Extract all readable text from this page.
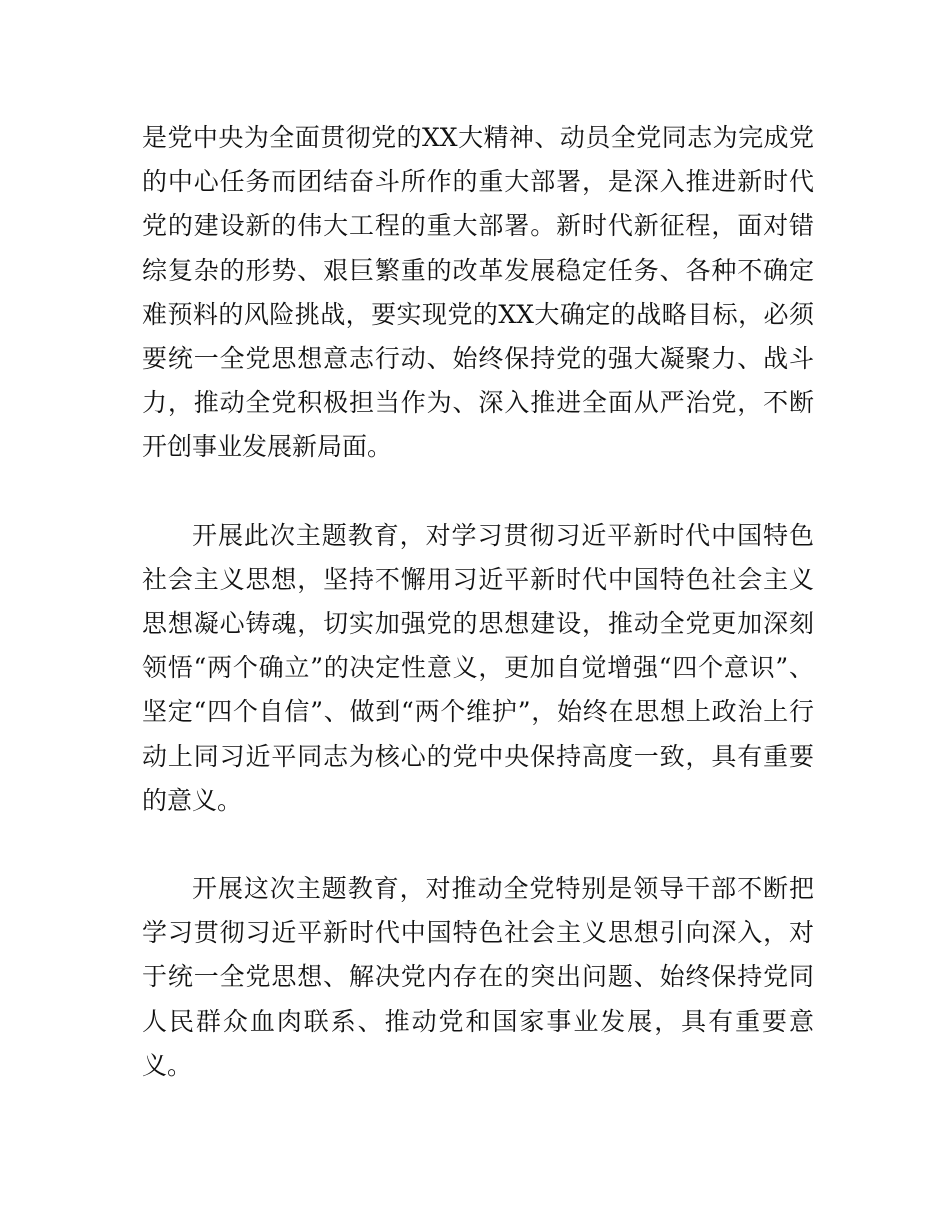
是党中央为全面贯彻党的XX大精神、动员全党同志为完成党的中心任务而团结奋斗所作的重大部署，是深入推进新时代党的建设新的伟大工程的重大部署。新时代新征程，面对错综复杂的形势、艰巨繁重的改革发展稳定任务、各种不确定难预料的风险挑战，要实现党的XX大确定的战略目标，必须要统一全党思想意志行动、始终保持党的强大凝聚力、战斗力，推动全党积极担当作为、深入推进全面从严治党，不断开创事业发展新局面。

开展此次主题教育，对学习贯彻习近平新时代中国特色社会主义思想，坚持不懈用习近平新时代中国特色社会主义思想凝心铸魂，切实加强党的思想建设，推动全党更加深刻领悟“两个确立”的决定性意义，更加自觉增强“四个意识”、坚定“四个自信”、做到“两个维护”，始终在思想上政治上行动上同习近平同志为核心的党中央保持高度一致，具有重要的意义。

开展这次主题教育，对推动全党特别是领导干部不断把学习贯彻习近平新时代中国特色社会主义思想引向深入，对于统一全党思想、解决党内存在的突出问题、始终保持党同人民群众血肉联系、推动党和国家事业发展，具有重要意义。
